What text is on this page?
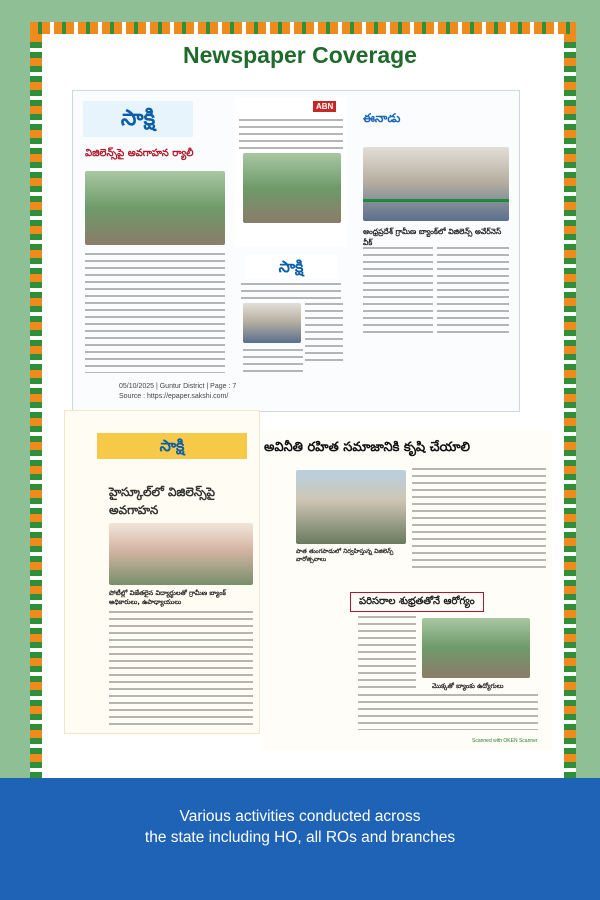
Newspaper Coverage
సాక్షి
విజిలెన్స్‌పై అవగాహన ర్యాలీ
05/10/2025 | Guntur District | Page : 7
Source : https://epaper.sakshi.com/
ABN
సాక్షి
ఈనాడు
ఆంధ్రప్రదేశ్ గ్రామీణ బ్యాంక్‌లో విజిలెన్స్ అవేర్‌నెస్ వీక్
సాక్షి
హైస్కూల్‌లో విజిలెన్స్‌పై
అవగాహన
పోటీల్లో విజేతలైన విద్యార్థులతో గ్రామీణ బ్యాంక్ అధికారులు, ఉపాధ్యాయులు
అవినీతి రహిత సమాజానికి కృషి చేయాలి
పాత తుంగపాడులో నిర్వహిస్తున్న విజిలెన్స్ వారోత్సవాలు
పరిసరాల శుభ్రతతోనే ఆరోగ్యం
మొక్కతో బ్యాంకు ఉద్యోగులు
Scanned with OKEN Scanner
Various activities conducted across
the state including HO, all ROs and branches
